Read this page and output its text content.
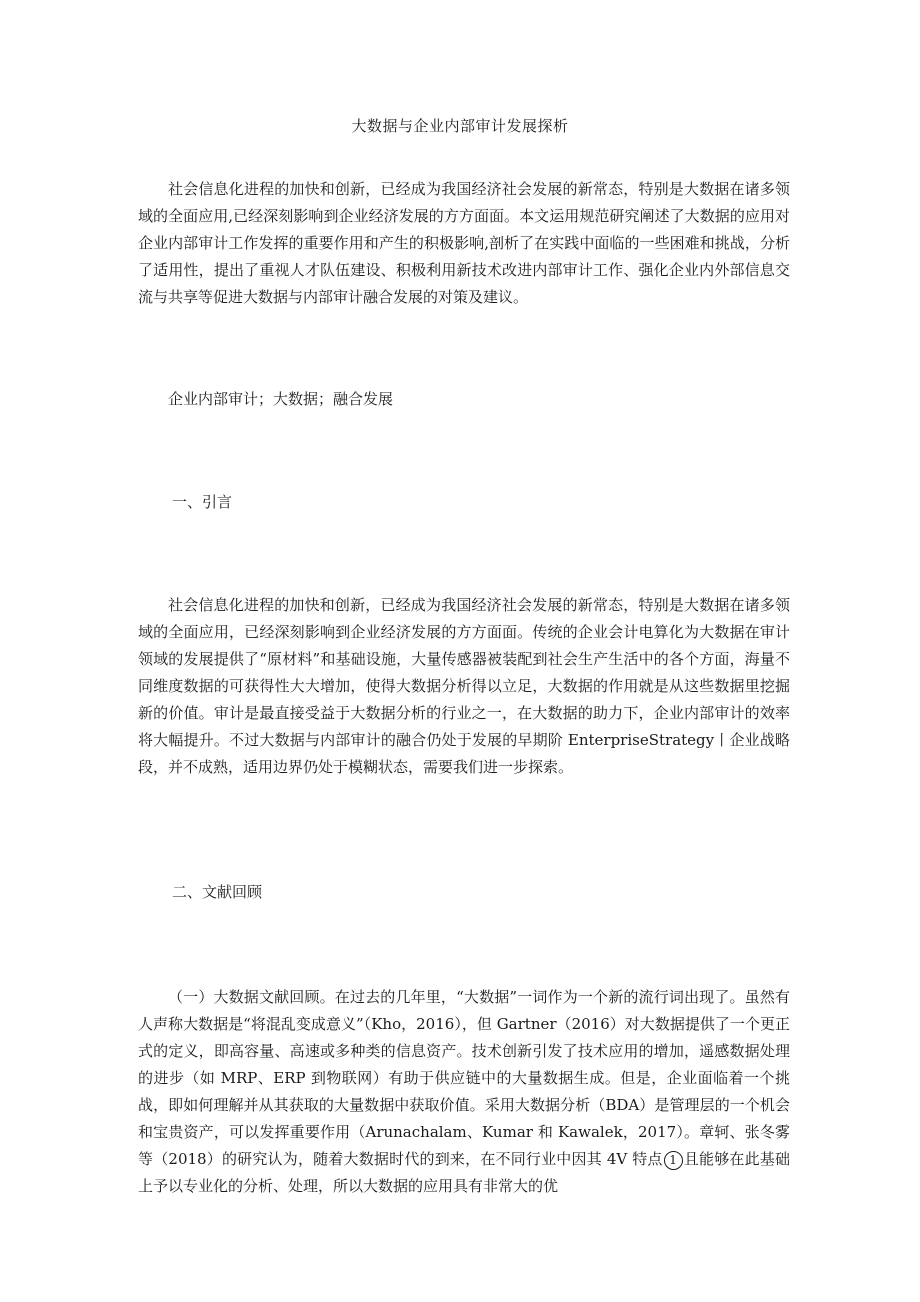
大数据与企业内部审计发展探析

社会信息化进程的加快和创新，已经成为我国经济社会发展的新常态，特别是大数据在诸多领域的全面应用,已经深刻影响到企业经济发展的方方面面。本文运用规范研究阐述了大数据的应用对企业内部审计工作发挥的重要作用和产生的积极影响,剖析了在实践中面临的一些困难和挑战，分析了适用性，提出了重视人才队伍建设、积极利用新技术改进内部审计工作、强化企业内外部信息交流与共享等促进大数据与内部审计融合发展的对策及建议。

企业内部审计；大数据；融合发展

一、引言

社会信息化进程的加快和创新，已经成为我国经济社会发展的新常态，特别是大数据在诸多领域的全面应用，已经深刻影响到企业经济发展的方方面面。传统的企业会计电算化为大数据在审计领域的发展提供了“原材料”和基础设施，大量传感器被装配到社会生产生活中的各个方面，海量不同维度数据的可获得性大大增加，使得大数据分析得以立足，大数据的作用就是从这些数据里挖掘新的价值。审计是最直接受益于大数据分析的行业之一，在大数据的助力下，企业内部审计的效率将大幅提升。不过大数据与内部审计的融合仍处于发展的早期阶 EnterpriseStrategy丨企业战略段，并不成熟，适用边界仍处于模糊状态，需要我们进一步探索。

二、文献回顾

（一）大数据文献回顾。在过去的几年里，“大数据”一词作为一个新的流行词出现了。虽然有人声称大数据是“将混乱变成意义”（Kho，2016），但 Gartner（2016）对大数据提供了一个更正式的定义，即高容量、高速或多种类的信息资产。技术创新引发了技术应用的增加，遥感数据处理的进步（如 MRP、ERP 到物联网）有助于供应链中的大量数据生成。但是，企业面临着一个挑战，即如何理解并从其获取的大量数据中获取价值。采用大数据分析（BDA）是管理层的一个机会和宝贵资产，可以发挥重要作用（Arunachalam、Kumar 和 Kawalek，2017）。章轲、张冬雾等（2018）的研究认为，随着大数据时代的到来，在不同行业中因其 4V 特点 1 且能够在此基础上予以专业化的分析、处理，所以大数据的应用具有非常大的优
